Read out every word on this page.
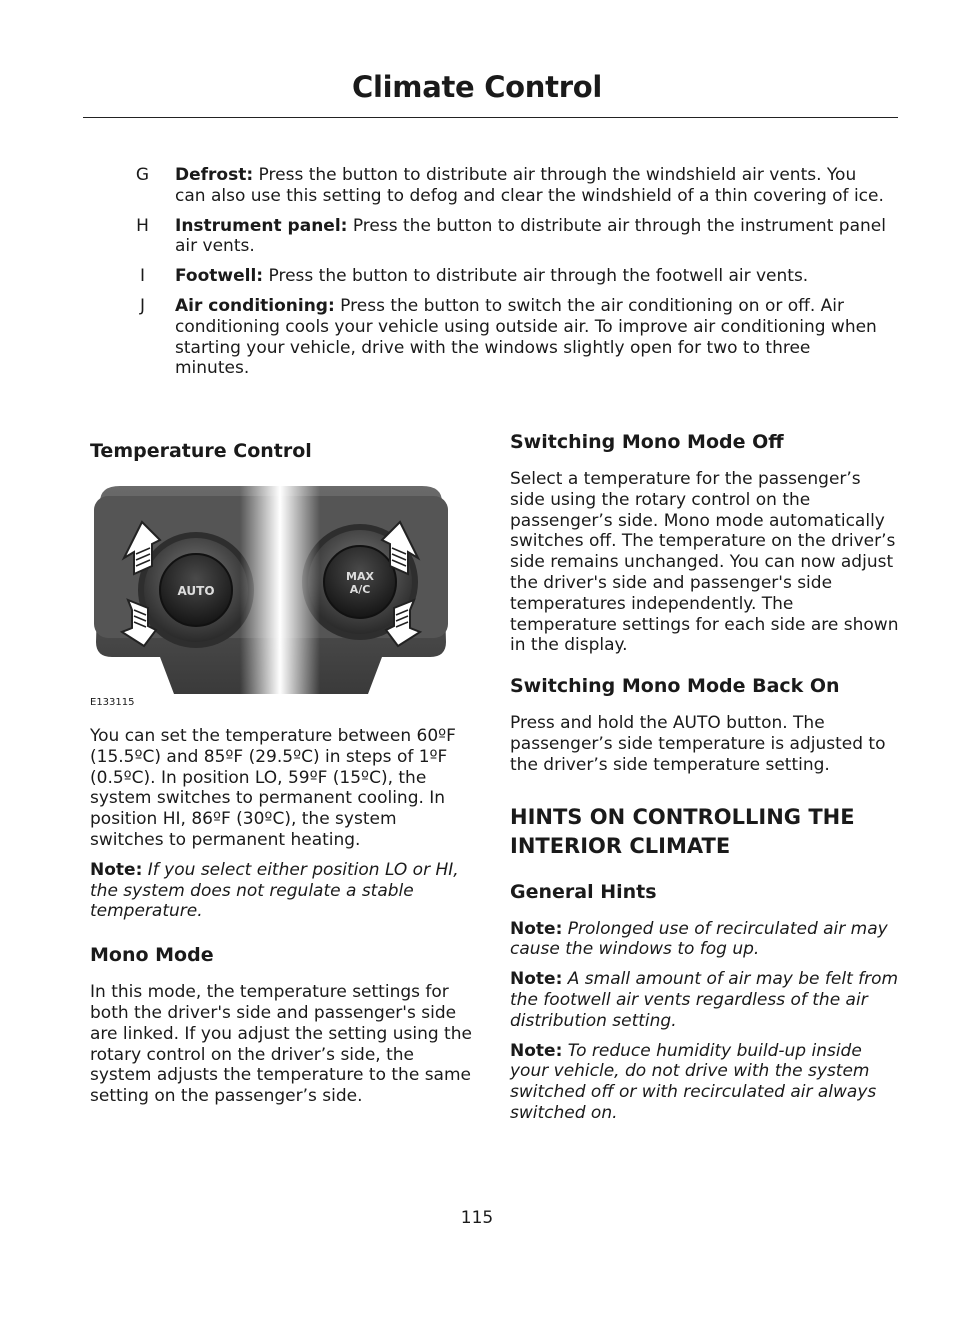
Climate Control
G	Defrost: Press the button to distribute air through the windshield air vents. You can also use this setting to defog and clear the windshield of a thin covering of ice.
H	Instrument panel: Press the button to distribute air through the instrument panel air vents.
I	Footwell: Press the button to distribute air through the footwell air vents.
J	Air conditioning: Press the button to switch the air conditioning on or off. Air conditioning cools your vehicle using outside air. To improve air conditioning when starting your vehicle, drive with the windows slightly open for two to three minutes.
Temperature Control
AUTO
MAX
A/C
E133115

You can set the temperature between 60ºF (15.5ºC) and 85ºF (29.5ºC) in steps of 1ºF (0.5ºC). In position LO, 59ºF (15ºC), the system switches to permanent cooling. In position HI, 86ºF (30ºC), the system switches to permanent heating.

Note: If you select either position LO or HI, the system does not regulate a stable temperature.

Mono Mode

In this mode, the temperature settings for both the driver's side and passenger's side are linked. If you adjust the setting using the rotary control on the driver’s side, the system adjusts the temperature to the same setting on the passenger’s side.

Switching Mono Mode Off

Select a temperature for the passenger’s side using the rotary control on the passenger’s side. Mono mode automatically switches off. The temperature on the driver’s side remains unchanged. You can now adjust the driver's side and passenger's side temperatures independently. The temperature settings for each side are shown in the display.

Switching Mono Mode Back On

Press and hold the AUTO button. The passenger’s side temperature is adjusted to the driver’s side temperature setting.

HINTS ON CONTROLLING THE INTERIOR CLIMATE
General Hints

Note: Prolonged use of recirculated air may cause the windows to fog up.

Note: A small amount of air may be felt from the footwell air vents regardless of the air distribution setting.

Note: To reduce humidity build-up inside your vehicle, do not drive with the system switched off or with recirculated air always switched on.

115
